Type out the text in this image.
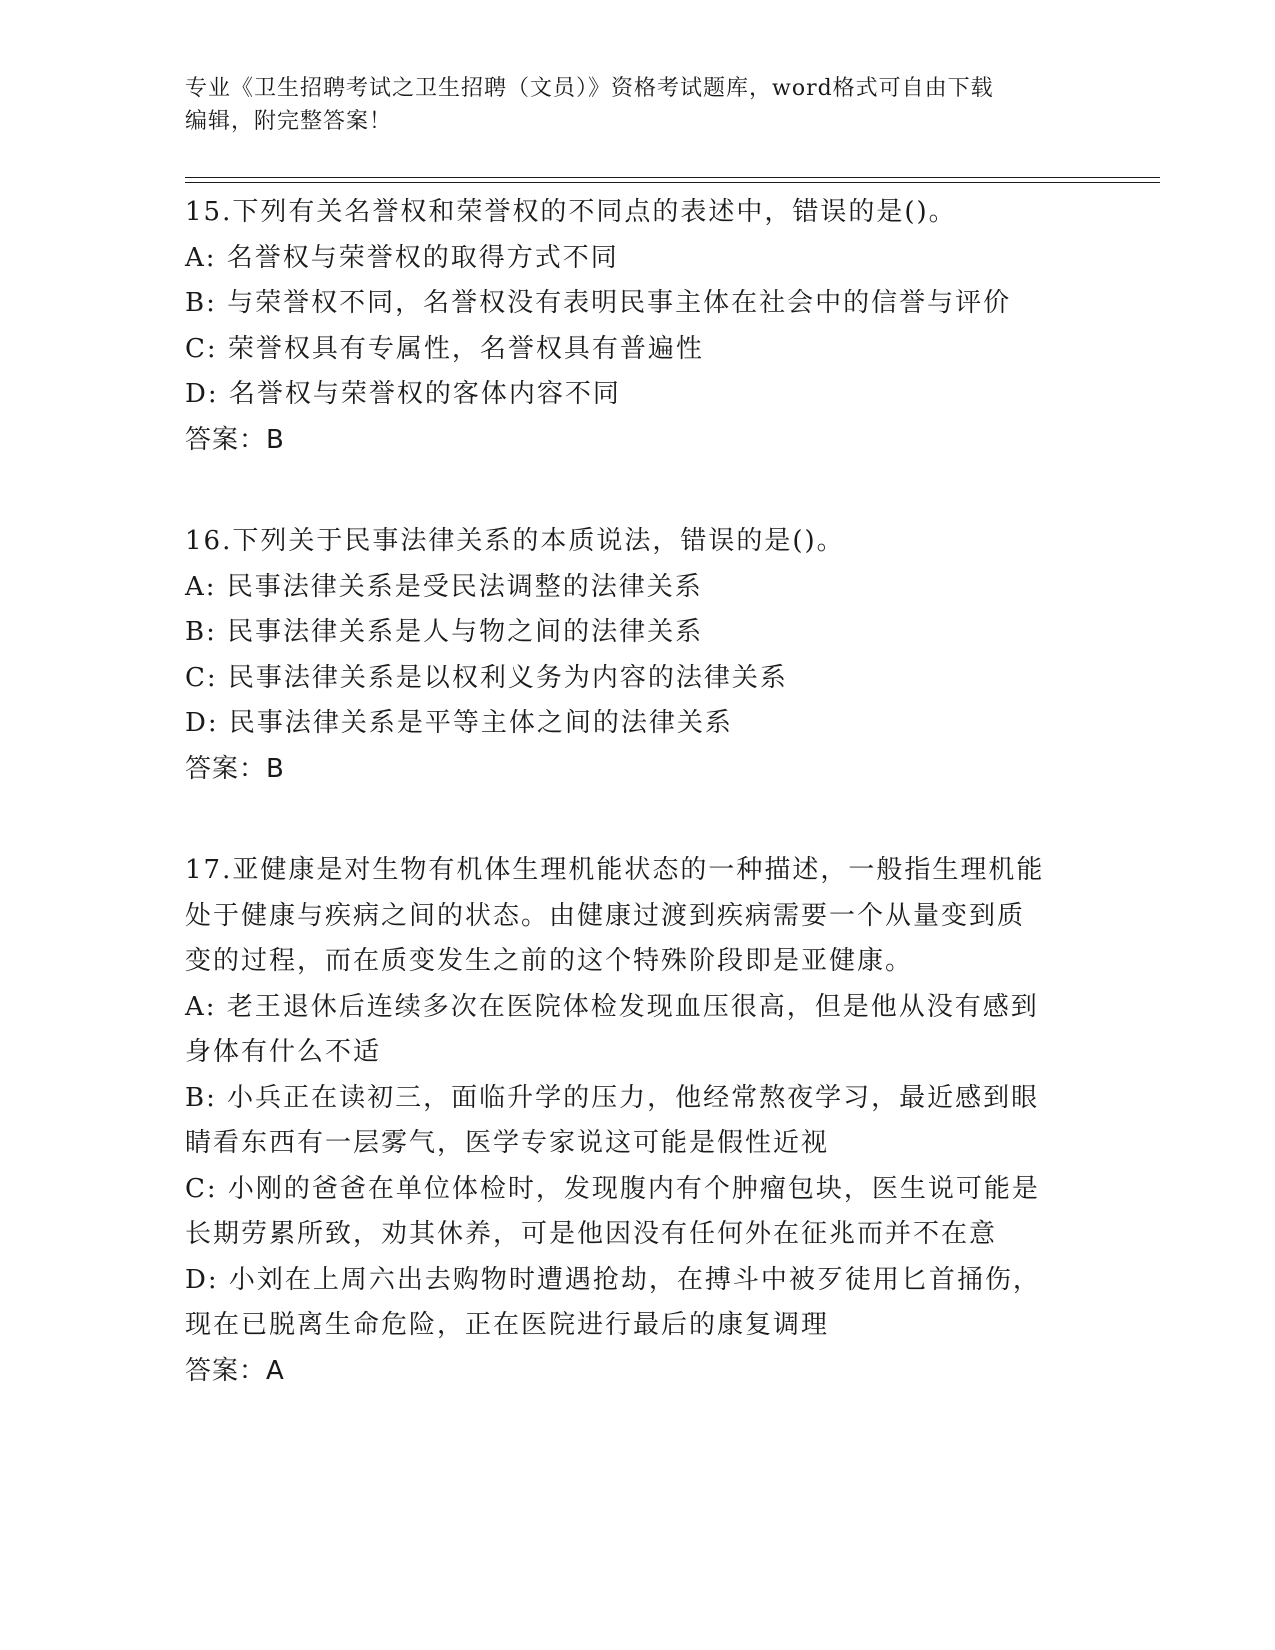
专业《卫生招聘考试之卫生招聘（文员）》资格考试题库，word格式可自由下载
编辑，附完整答案！
15.下列有关名誉权和荣誉权的不同点的表述中，错误的是()。
A: 名誉权与荣誉权的取得方式不同
B: 与荣誉权不同，名誉权没有表明民事主体在社会中的信誉与评价
C: 荣誉权具有专属性，名誉权具有普遍性
D: 名誉权与荣誉权的客体内容不同
答案：B
16.下列关于民事法律关系的本质说法，错误的是()。
A: 民事法律关系是受民法调整的法律关系
B: 民事法律关系是人与物之间的法律关系
C: 民事法律关系是以权利义务为内容的法律关系
D: 民事法律关系是平等主体之间的法律关系
答案：B
17.亚健康是对生物有机体生理机能状态的一种描述，一般指生理机能
处于健康与疾病之间的状态。由健康过渡到疾病需要一个从量变到质
变的过程，而在质变发生之前的这个特殊阶段即是亚健康。
A: 老王退休后连续多次在医院体检发现血压很高，但是他从没有感到
身体有什么不适
B: 小兵正在读初三，面临升学的压力，他经常熬夜学习，最近感到眼
睛看东西有一层雾气，医学专家说这可能是假性近视
C: 小刚的爸爸在单位体检时，发现腹内有个肿瘤包块，医生说可能是
长期劳累所致，劝其休养，可是他因没有任何外在征兆而并不在意
D: 小刘在上周六出去购物时遭遇抢劫，在搏斗中被歹徒用匕首捅伤，
现在已脱离生命危险，正在医院进行最后的康复调理
答案：A
